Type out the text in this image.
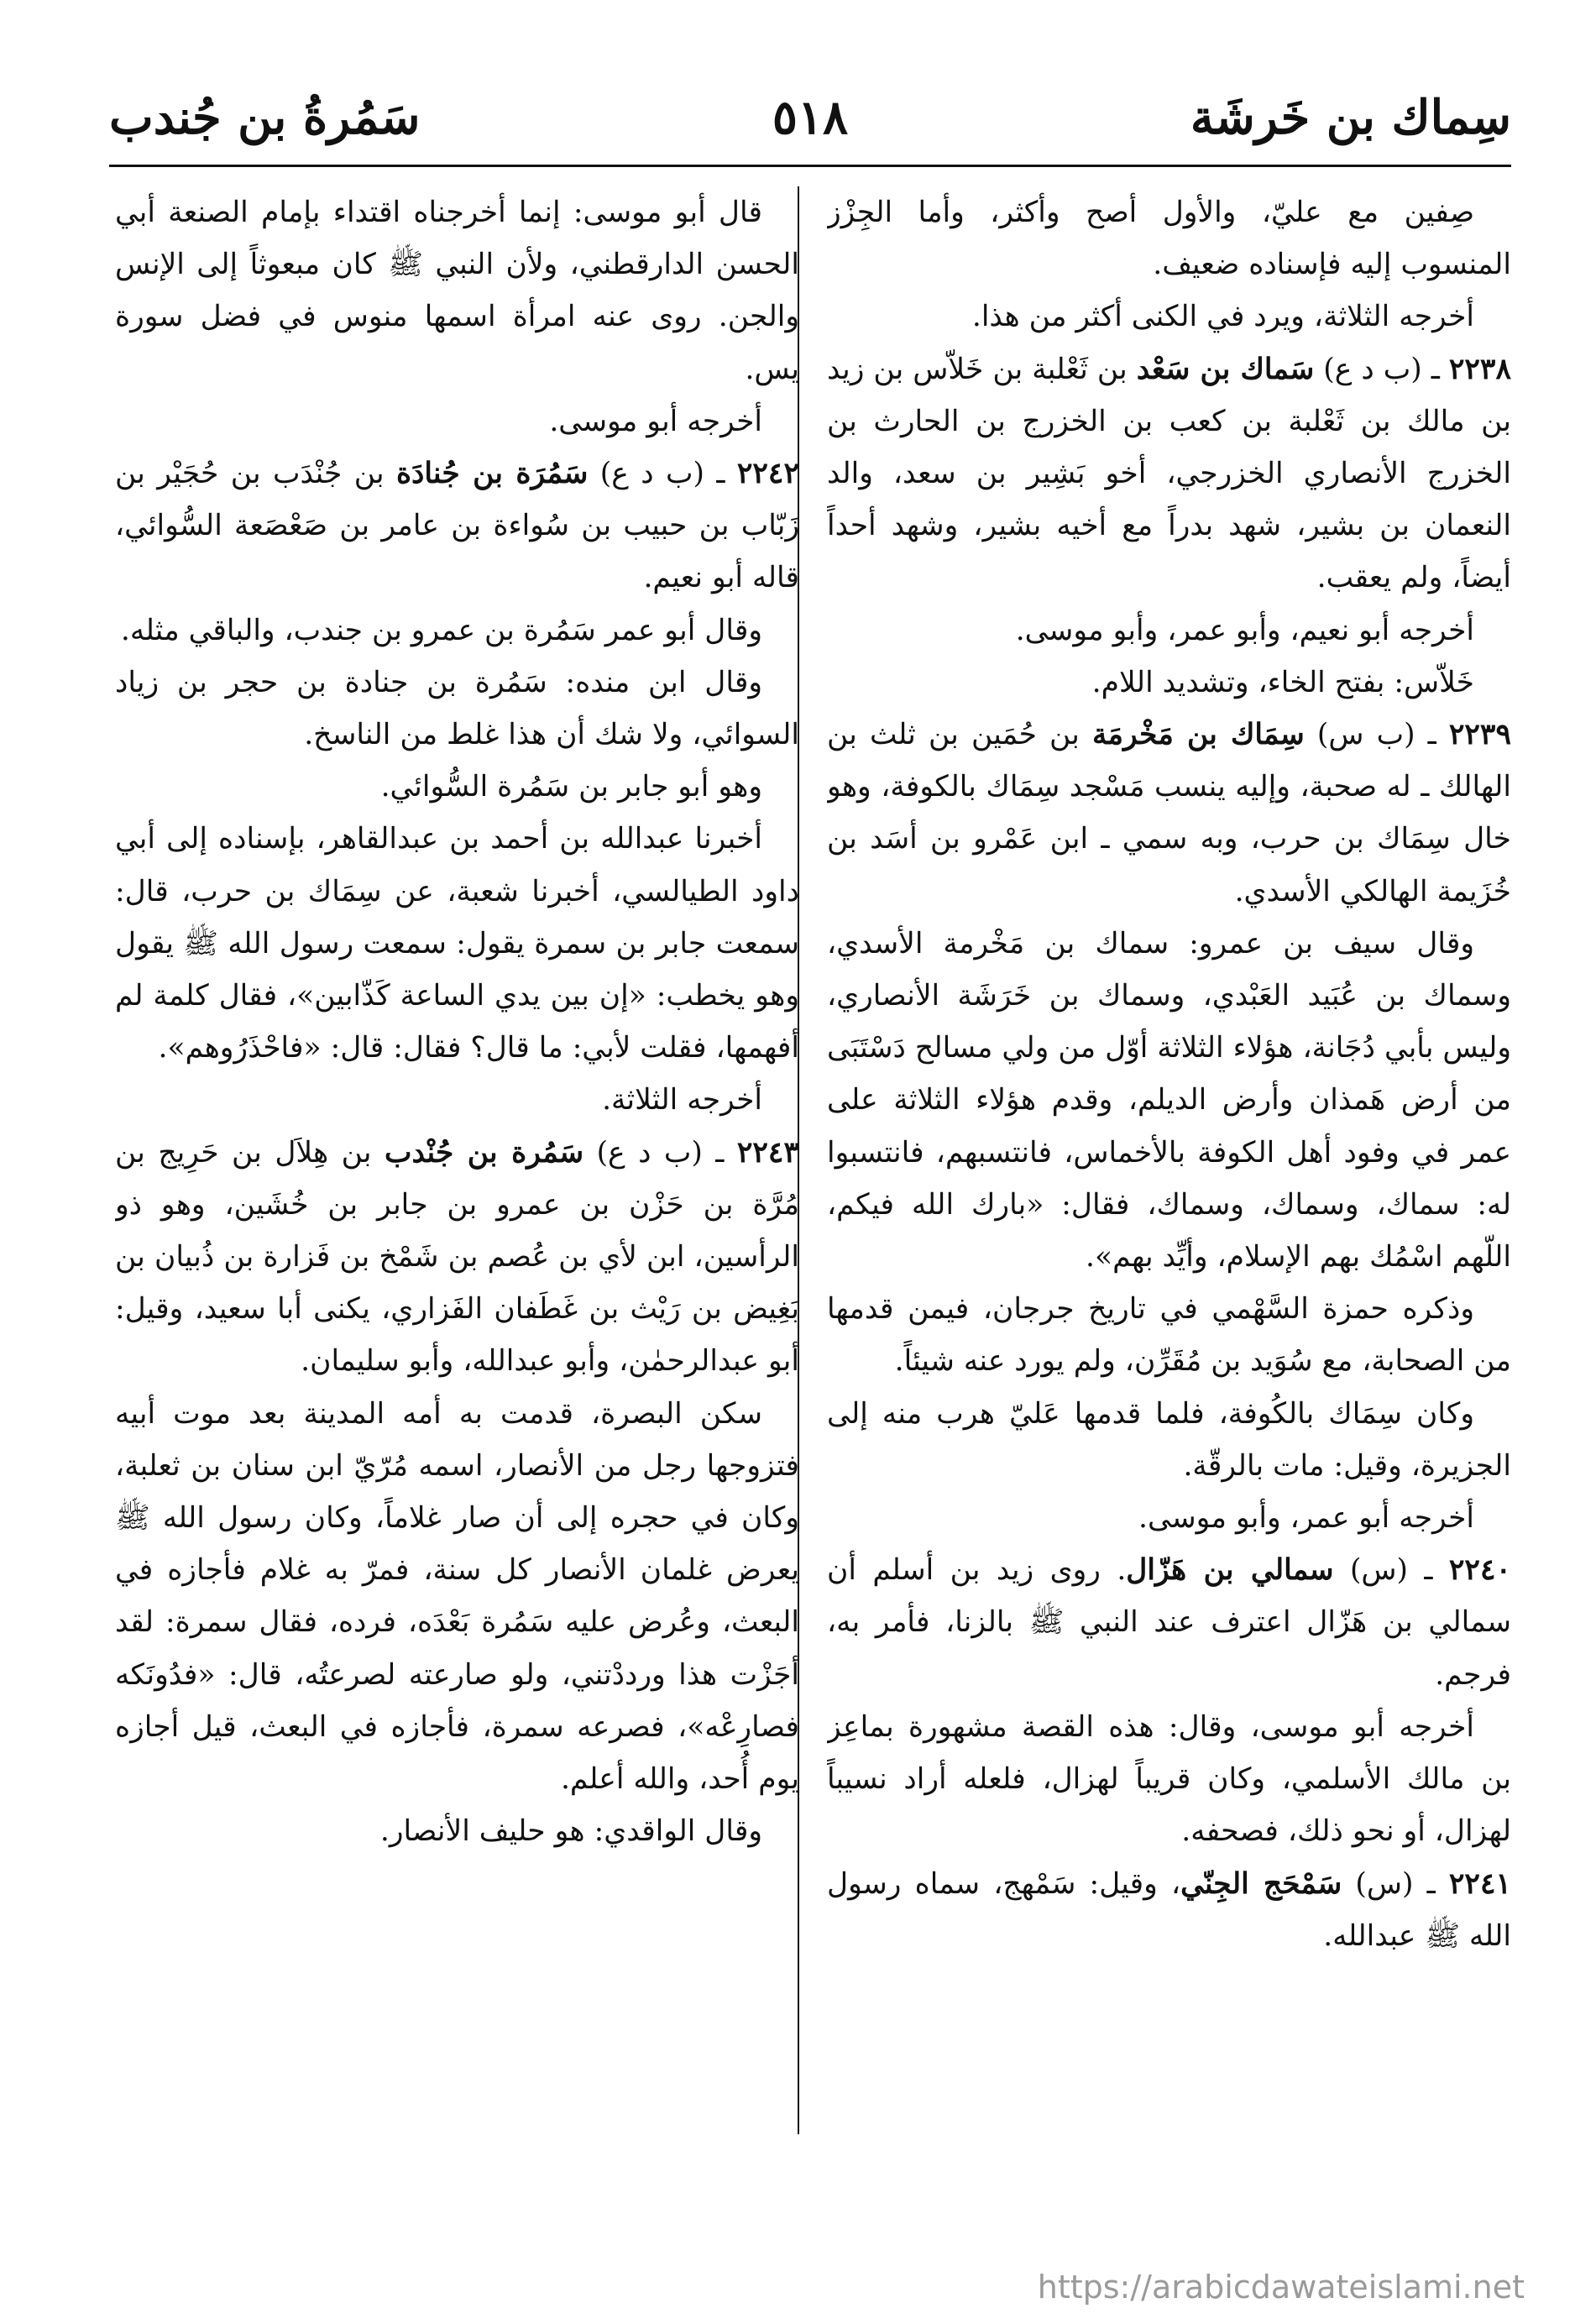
سِماك بن خَرشَة
٥١٨
سَمُرةُ بن جُندب

صِفين مع عليّ، والأول أصح وأكثر، وأما الجِزْز المنسوب إليه فإسناده ضعيف.

أخرجه الثلاثة، ويرد في الكنى أكثر من هذا.

٢٢٣٨ ـ (ب د ع) سَماك بن سَعْد بن ثَعْلبة بن خَلاّس بن زيد بن مالك بن ثَعْلبة بن كعب بن الخزرج بن الحارث بن الخزرج الأنصاري الخزرجي، أخو بَشِير بن سعد، والد النعمان بن بشير، شهد بدراً مع أخيه بشير، وشهد أحداً أيضاً، ولم يعقب.

أخرجه أبو نعيم، وأبو عمر، وأبو موسى.

خَلاّس: بفتح الخاء، وتشديد اللام.

٢٢٣٩ ـ (ب س) سِمَاك بن مَخْرمَة بن حُمَين بن ثلث بن الهالك ـ له صحبة، وإليه ينسب مَسْجد سِمَاك بالكوفة، وهو خال سِمَاك بن حرب، وبه سمي ـ ابن عَمْرو بن أسَد بن خُزَيمة الهالكي الأسدي.

وقال سيف بن عمرو: سماك بن مَخْرمة الأسدي، وسماك بن عُبَيد العَبْدي، وسماك بن خَرَشَة الأنصاري، وليس بأبي دُجَانة، هؤلاء الثلاثة أوّل من ولي مسالح دَسْتَبَى من أرض هَمذان وأرض الديلم، وقدم هؤلاء الثلاثة على عمر في وفود أهل الكوفة بالأخماس، فانتسبهم، فانتسبوا له: سماك، وسماك، وسماك، فقال: «بارك الله فيكم، اللّهم اسْمُك بهم الإسلام، وأيِّد بهم».

وذكره حمزة السَّهْمي في تاريخ جرجان، فيمن قدمها من الصحابة، مع سُوَيد بن مُقَرِّن، ولم يورد عنه شيئاً.

وكان سِمَاك بالكُوفة، فلما قدمها عَليّ هرب منه إلى الجزيرة، وقيل: مات بالرقّة.

أخرجه أبو عمر، وأبو موسى.

٢٢٤٠ ـ (س) سمالي بن هَزّال. روى زيد بن أسلم أن سمالي بن هَزّال اعترف عند النبي ﷺ بالزنا، فأمر به، فرجم.

أخرجه أبو موسى، وقال: هذه القصة مشهورة بماعِز بن مالك الأسلمي، وكان قريباً لهزال، فلعله أراد نسيباً لهزال، أو نحو ذلك، فصحفه.

٢٢٤١ ـ (س) سَمْحَج الجِنّي، وقيل: سَمْهج، سماه رسول الله ﷺ عبدالله.

قال أبو موسى: إنما أخرجناه اقتداء بإمام الصنعة أبي الحسن الدارقطني، ولأن النبي ﷺ كان مبعوثاً إلى الإنس والجن. روى عنه امرأة اسمها منوس في فضل سورة يس.

أخرجه أبو موسى.

٢٢٤٢ ـ (ب د ع) سَمُرَة بن جُنادَة بن جُنْدَب بن حُجَيْر بن زَبّاب بن حبيب بن سُواءة بن عامر بن صَعْصَعة السُّوائي، قاله أبو نعيم.

وقال أبو عمر سَمُرة بن عمرو بن جندب، والباقي مثله.

وقال ابن منده: سَمُرة بن جنادة بن حجر بن زياد السوائي، ولا شك أن هذا غلط من الناسخ.

وهو أبو جابر بن سَمُرة السُّوائي.

أخبرنا عبدالله بن أحمد بن عبدالقاهر، بإسناده إلى أبي داود الطيالسي، أخبرنا شعبة، عن سِمَاك بن حرب، قال: سمعت جابر بن سمرة يقول: سمعت رسول الله ﷺ يقول وهو يخطب: «إن بين يدي الساعة كَذّابين»، فقال كلمة لم أفهمها، فقلت لأبي: ما قال؟ فقال: قال: «فاحْذَرُوهم».

أخرجه الثلاثة.

٢٢٤٣ ـ (ب د ع) سَمُرة بن جُنْدب بن هِلاَل بن حَرِيج بن مُرَّة بن حَزْن بن عمرو بن جابر بن خُشَين، وهو ذو الرأسين، ابن لأي بن عُصم بن شَمْخ بن فَزارة بن ذُبيان بن بَغِيض بن رَيْث بن غَطَفان الفَزاري، يكنى أبا سعيد، وقيل: أبو عبدالرحمٰن، وأبو عبدالله، وأبو سليمان.

سكن البصرة، قدمت به أمه المدينة بعد موت أبيه فتزوجها رجل من الأنصار، اسمه مُرّيّ ابن سنان بن ثعلبة، وكان في حجره إلى أن صار غلاماً، وكان رسول الله ﷺ يعرض غلمان الأنصار كل سنة، فمرّ به غلام فأجازه في البعث، وعُرض عليه سَمُرة بَعْدَه، فرده، فقال سمرة: لقد أجَزْت هذا ورددْتني، ولو صارعته لصرعتُه، قال: «فدُونَكه فصارِعْه»، فصرعه سمرة، فأجازه في البعث، قيل أجازه يوم أُحد، والله أعلم.

وقال الواقدي: هو حليف الأنصار.

https://arabicdawateislami.net
